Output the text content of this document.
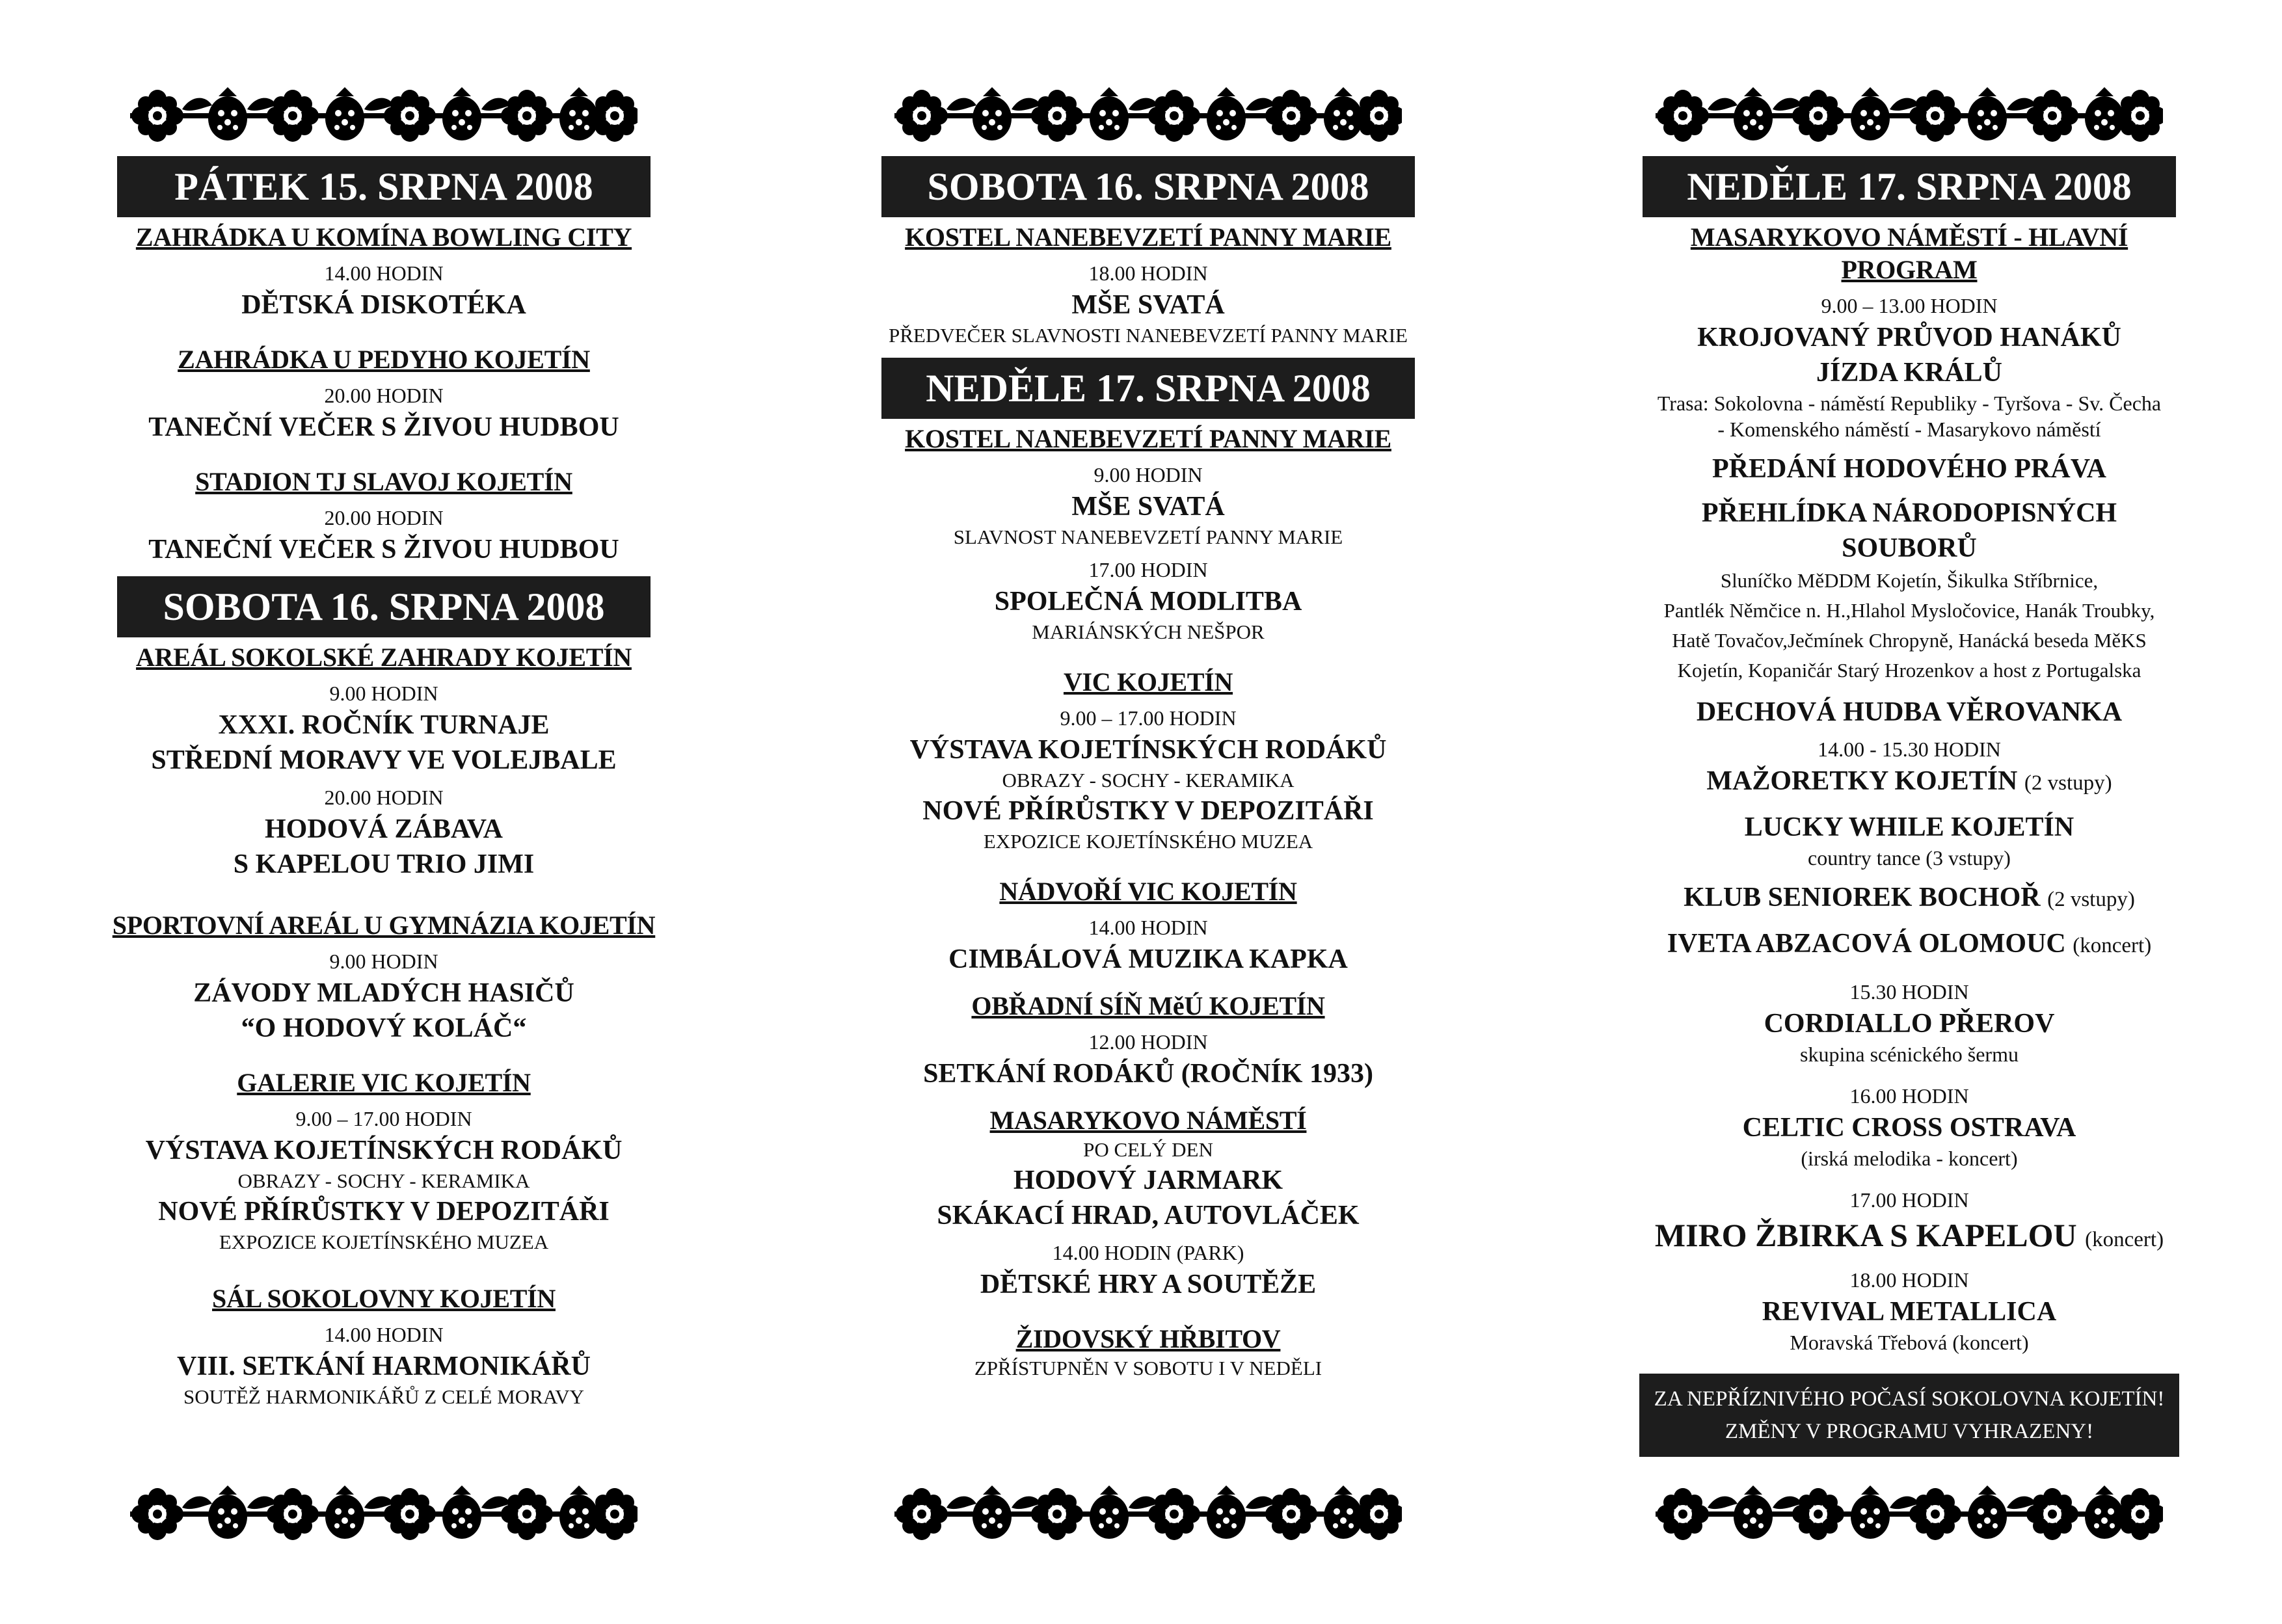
PÁTEK 15. SRPNA 2008
ZAHRÁDKA U KOMÍNA BOWLING CITY
14.00 HODIN
DĚTSKÁ DISKOTÉKA
ZAHRÁDKA U PEDYHO KOJETÍN
20.00 HODIN
TANEČNÍ VEČER S ŽIVOU HUDBOU
STADION TJ SLAVOJ KOJETÍN
20.00 HODIN
TANEČNÍ VEČER S ŽIVOU HUDBOU
SOBOTA 16. SRPNA 2008
AREÁL SOKOLSKÉ ZAHRADY KOJETÍN
9.00 HODIN
XXXI. ROČNÍK TURNAJE
STŘEDNÍ MORAVY VE VOLEJBALE
20.00 HODIN
HODOVÁ ZÁBAVA
S KAPELOU TRIO JIMI
SPORTOVNÍ AREÁL U GYMNÁZIA KOJETÍN
9.00 HODIN
ZÁVODY MLADÝCH HASIČŮ
“O HODOVÝ KOLÁČ“
GALERIE VIC KOJETÍN
9.00 – 17.00 HODIN
VÝSTAVA KOJETÍNSKÝCH RODÁKŮ
OBRAZY - SOCHY - KERAMIKA
NOVÉ PŘÍRŮSTKY V DEPOZITÁŘI
EXPOZICE KOJETÍNSKÉHO MUZEA
SÁL SOKOLOVNY KOJETÍN
14.00 HODIN
VIII. SETKÁNÍ HARMONIKÁŘŮ
SOUTĚŽ HARMONIKÁŘŮ Z CELÉ MORAVY
SOBOTA 16. SRPNA 2008
KOSTEL NANEBEVZETÍ PANNY MARIE
18.00 HODIN
MŠE SVATÁ
PŘEDVEČER SLAVNOSTI NANEBEVZETÍ PANNY MARIE
NEDĚLE 17. SRPNA 2008
KOSTEL NANEBEVZETÍ PANNY MARIE
9.00 HODIN
MŠE SVATÁ
SLAVNOST NANEBEVZETÍ PANNY MARIE
17.00 HODIN
SPOLEČNÁ MODLITBA
MARIÁNSKÝCH NEŠPOR
VIC KOJETÍN
9.00 – 17.00 HODIN
VÝSTAVA KOJETÍNSKÝCH RODÁKŮ
OBRAZY - SOCHY - KERAMIKA
NOVÉ PŘÍRŮSTKY V DEPOZITÁŘI
EXPOZICE KOJETÍNSKÉHO MUZEA
NÁDVOŘÍ VIC KOJETÍN
14.00 HODIN
CIMBÁLOVÁ MUZIKA KAPKA
OBŘADNÍ SÍŇ MěÚ KOJETÍN
12.00 HODIN
SETKÁNÍ RODÁKŮ (ROČNÍK 1933)
MASARYKOVO NÁMĚSTÍ
PO CELÝ DEN
HODOVÝ JARMARK
SKÁKACÍ HRAD, AUTOVLÁČEK
14.00 HODIN (PARK)
DĚTSKÉ HRY A SOUTĚŽE
ŽIDOVSKÝ HŘBITOV
ZPŘÍSTUPNĚN V SOBOTU I V NEDĚLI
NEDĚLE 17. SRPNA 2008
MASARYKOVO NÁMĚSTÍ - HLAVNÍ PROGRAM
9.00 – 13.00 HODIN
KROJOVANÝ PRŮVOD HANÁKŮ
JÍZDA KRÁLŮ
Trasa: Sokolovna - náměstí Republiky - Tyršova - Sv. Čecha
- Komenského náměstí - Masarykovo náměstí
PŘEDÁNÍ HODOVÉHO PRÁVA
PŘEHLÍDKA NÁRODOPISNÝCH SOUBORŮ
Sluníčko MěDDM Kojetín, Šikulka Stříbrnice,
Pantlék Němčice n. H.,Hlahol Mysločovice, Hanák Troubky,
Hatě Tovačov,Ječmínek Chropyně, Hanácká beseda MěKS
Kojetín, Kopaničár Starý Hrozenkov a host z Portugalska
DECHOVÁ HUDBA VĚROVANKA
14.00 - 15.30 HODIN
MAŽORETKY KOJETÍN (2 vstupy)
LUCKY WHILE KOJETÍN
country tance (3 vstupy)
KLUB SENIOREK BOCHOŘ (2 vstupy)
IVETA ABZACOVÁ OLOMOUC (koncert)
15.30 HODIN
CORDIALLO PŘEROV
skupina scénického šermu
16.00 HODIN
CELTIC CROSS OSTRAVA
(irská melodika - koncert)
17.00 HODIN
MIRO ŽBIRKA S KAPELOU (koncert)
18.00 HODIN
REVIVAL METALLICA
Moravská Třebová (koncert)
ZA NEPŘÍZNIVÉHO POČASÍ SOKOLOVNA KOJETÍN!
ZMĚNY V PROGRAMU VYHRAZENY!
